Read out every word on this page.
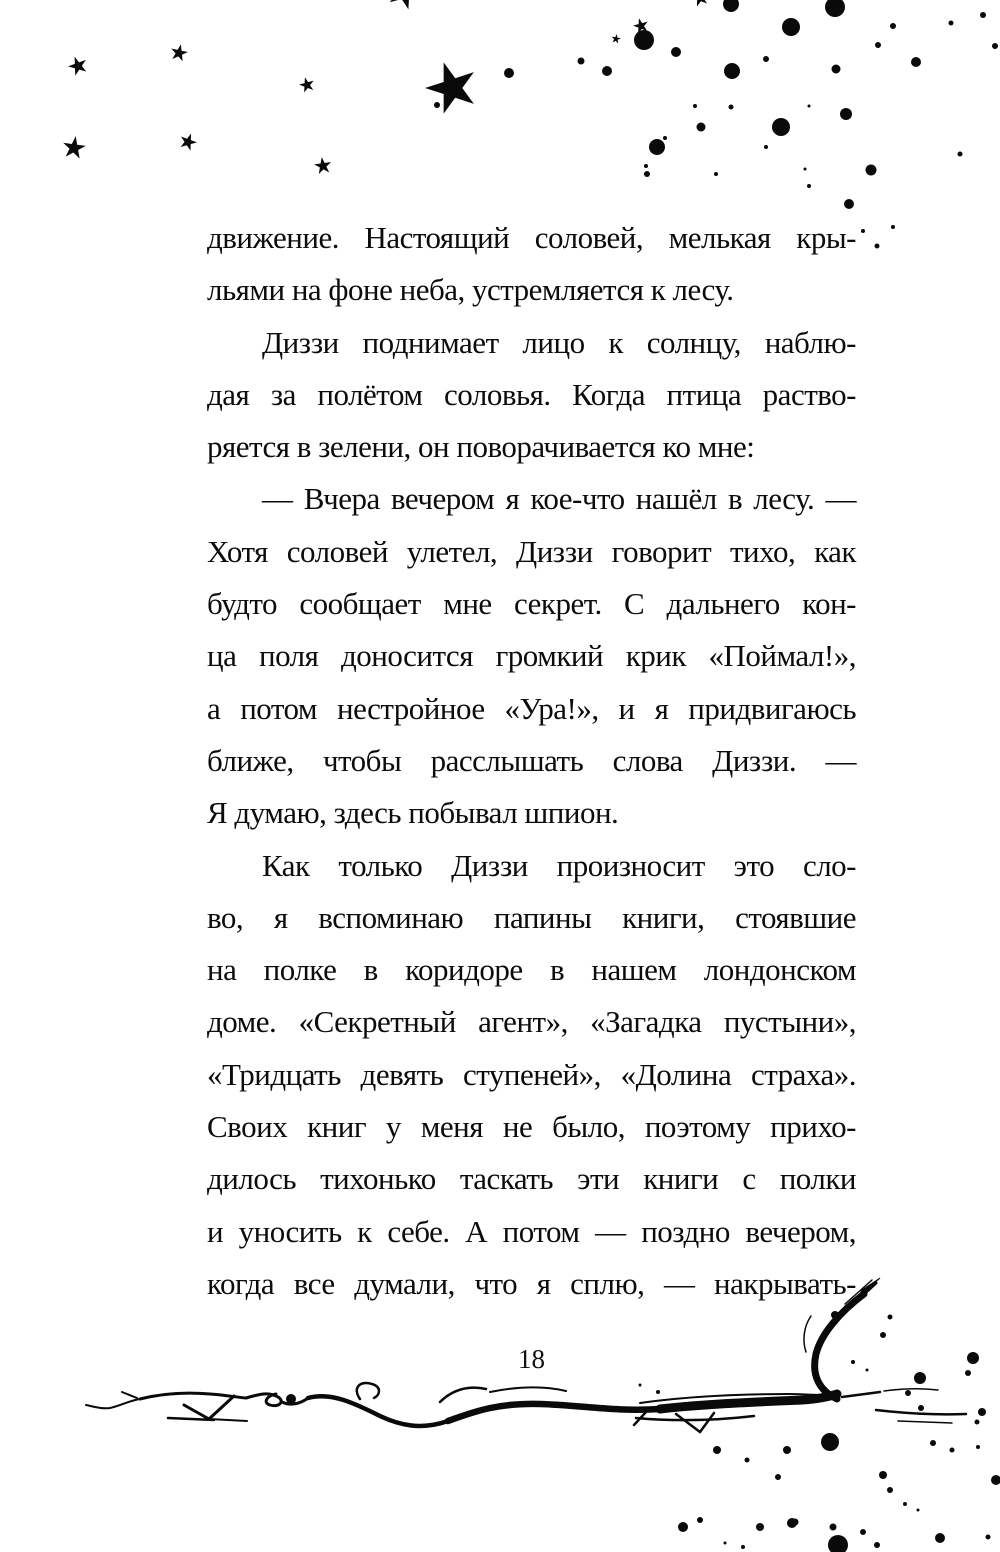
движение. Настоящий соловей, мелькая кры-
льями на фоне неба, устремляется к лесу.
Диззи поднимает лицо к солнцу, наблю-
дая за полётом соловья. Когда птица раство-
ряется в зелени, он поворачивается ко мне:
— Вчера вечером я кое-что нашёл в лесу. —
Хотя соловей улетел, Диззи говорит тихо, как
будто сообщает мне секрет. С дальнего кон-
ца поля доносится громкий крик «Поймал!»,
а потом нестройное «Ура!», и я придвигаюсь
ближе, чтобы расслышать слова Диззи. —
Я думаю, здесь побывал шпион.
Как только Диззи произносит это сло-
во, я вспоминаю папины книги, стоявшие
на полке в коридоре в нашем лондонском
доме. «Секретный агент», «Загадка пустыни»,
«Тридцать девять ступеней», «Долина страха».
Своих книг у меня не было, поэтому прихо-
дилось тихонько таскать эти книги с полки
и уносить к себе. А потом — поздно вечером,
когда все думали, что я сплю, — накрывать-
18
